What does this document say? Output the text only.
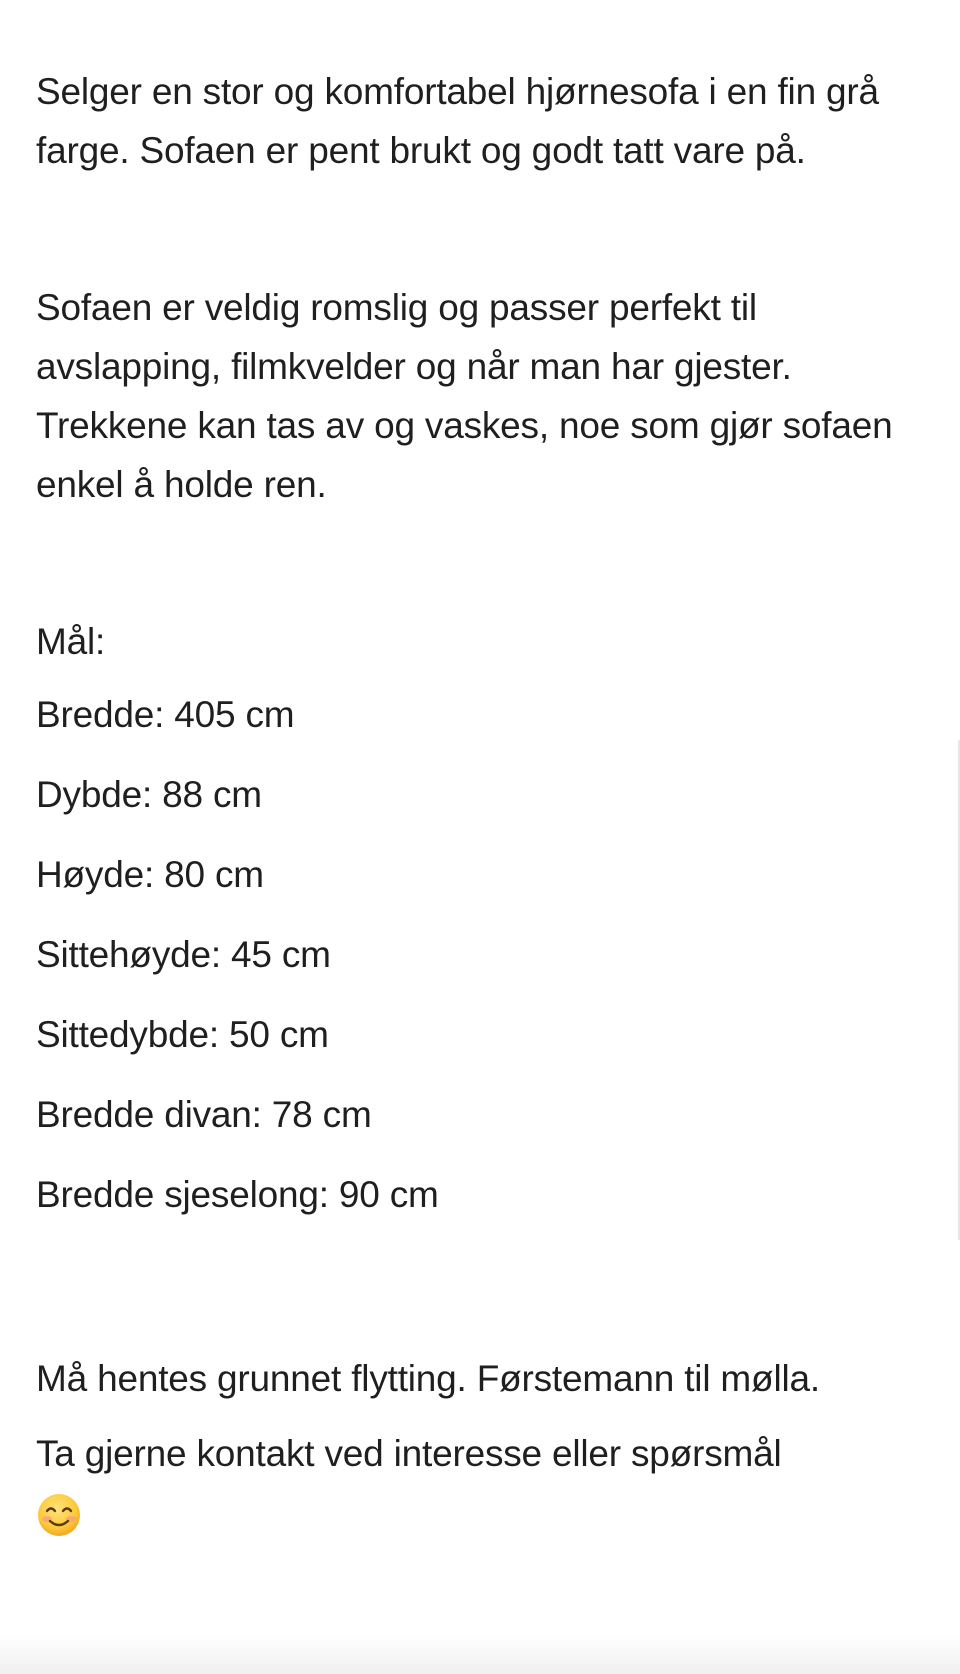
Selger en stor og komfortabel hjørnesofa i en fin grå farge. Sofaen er pent brukt og godt tatt vare på.

Sofaen er veldig romslig og passer perfekt til avslapping, filmkvelder og når man har gjester. Trekkene kan tas av og vaskes, noe som gjør sofaen enkel å holde ren.

Mål:

Bredde: 405 cm

Dybde: 88 cm

Høyde: 80 cm

Sittehøyde: 45 cm

Sittedybde: 50 cm

Bredde divan: 78 cm

Bredde sjeselong: 90 cm

Må hentes grunnet flytting. Førstemann til mølla.

Ta gjerne kontakt ved interesse eller spørsmål
